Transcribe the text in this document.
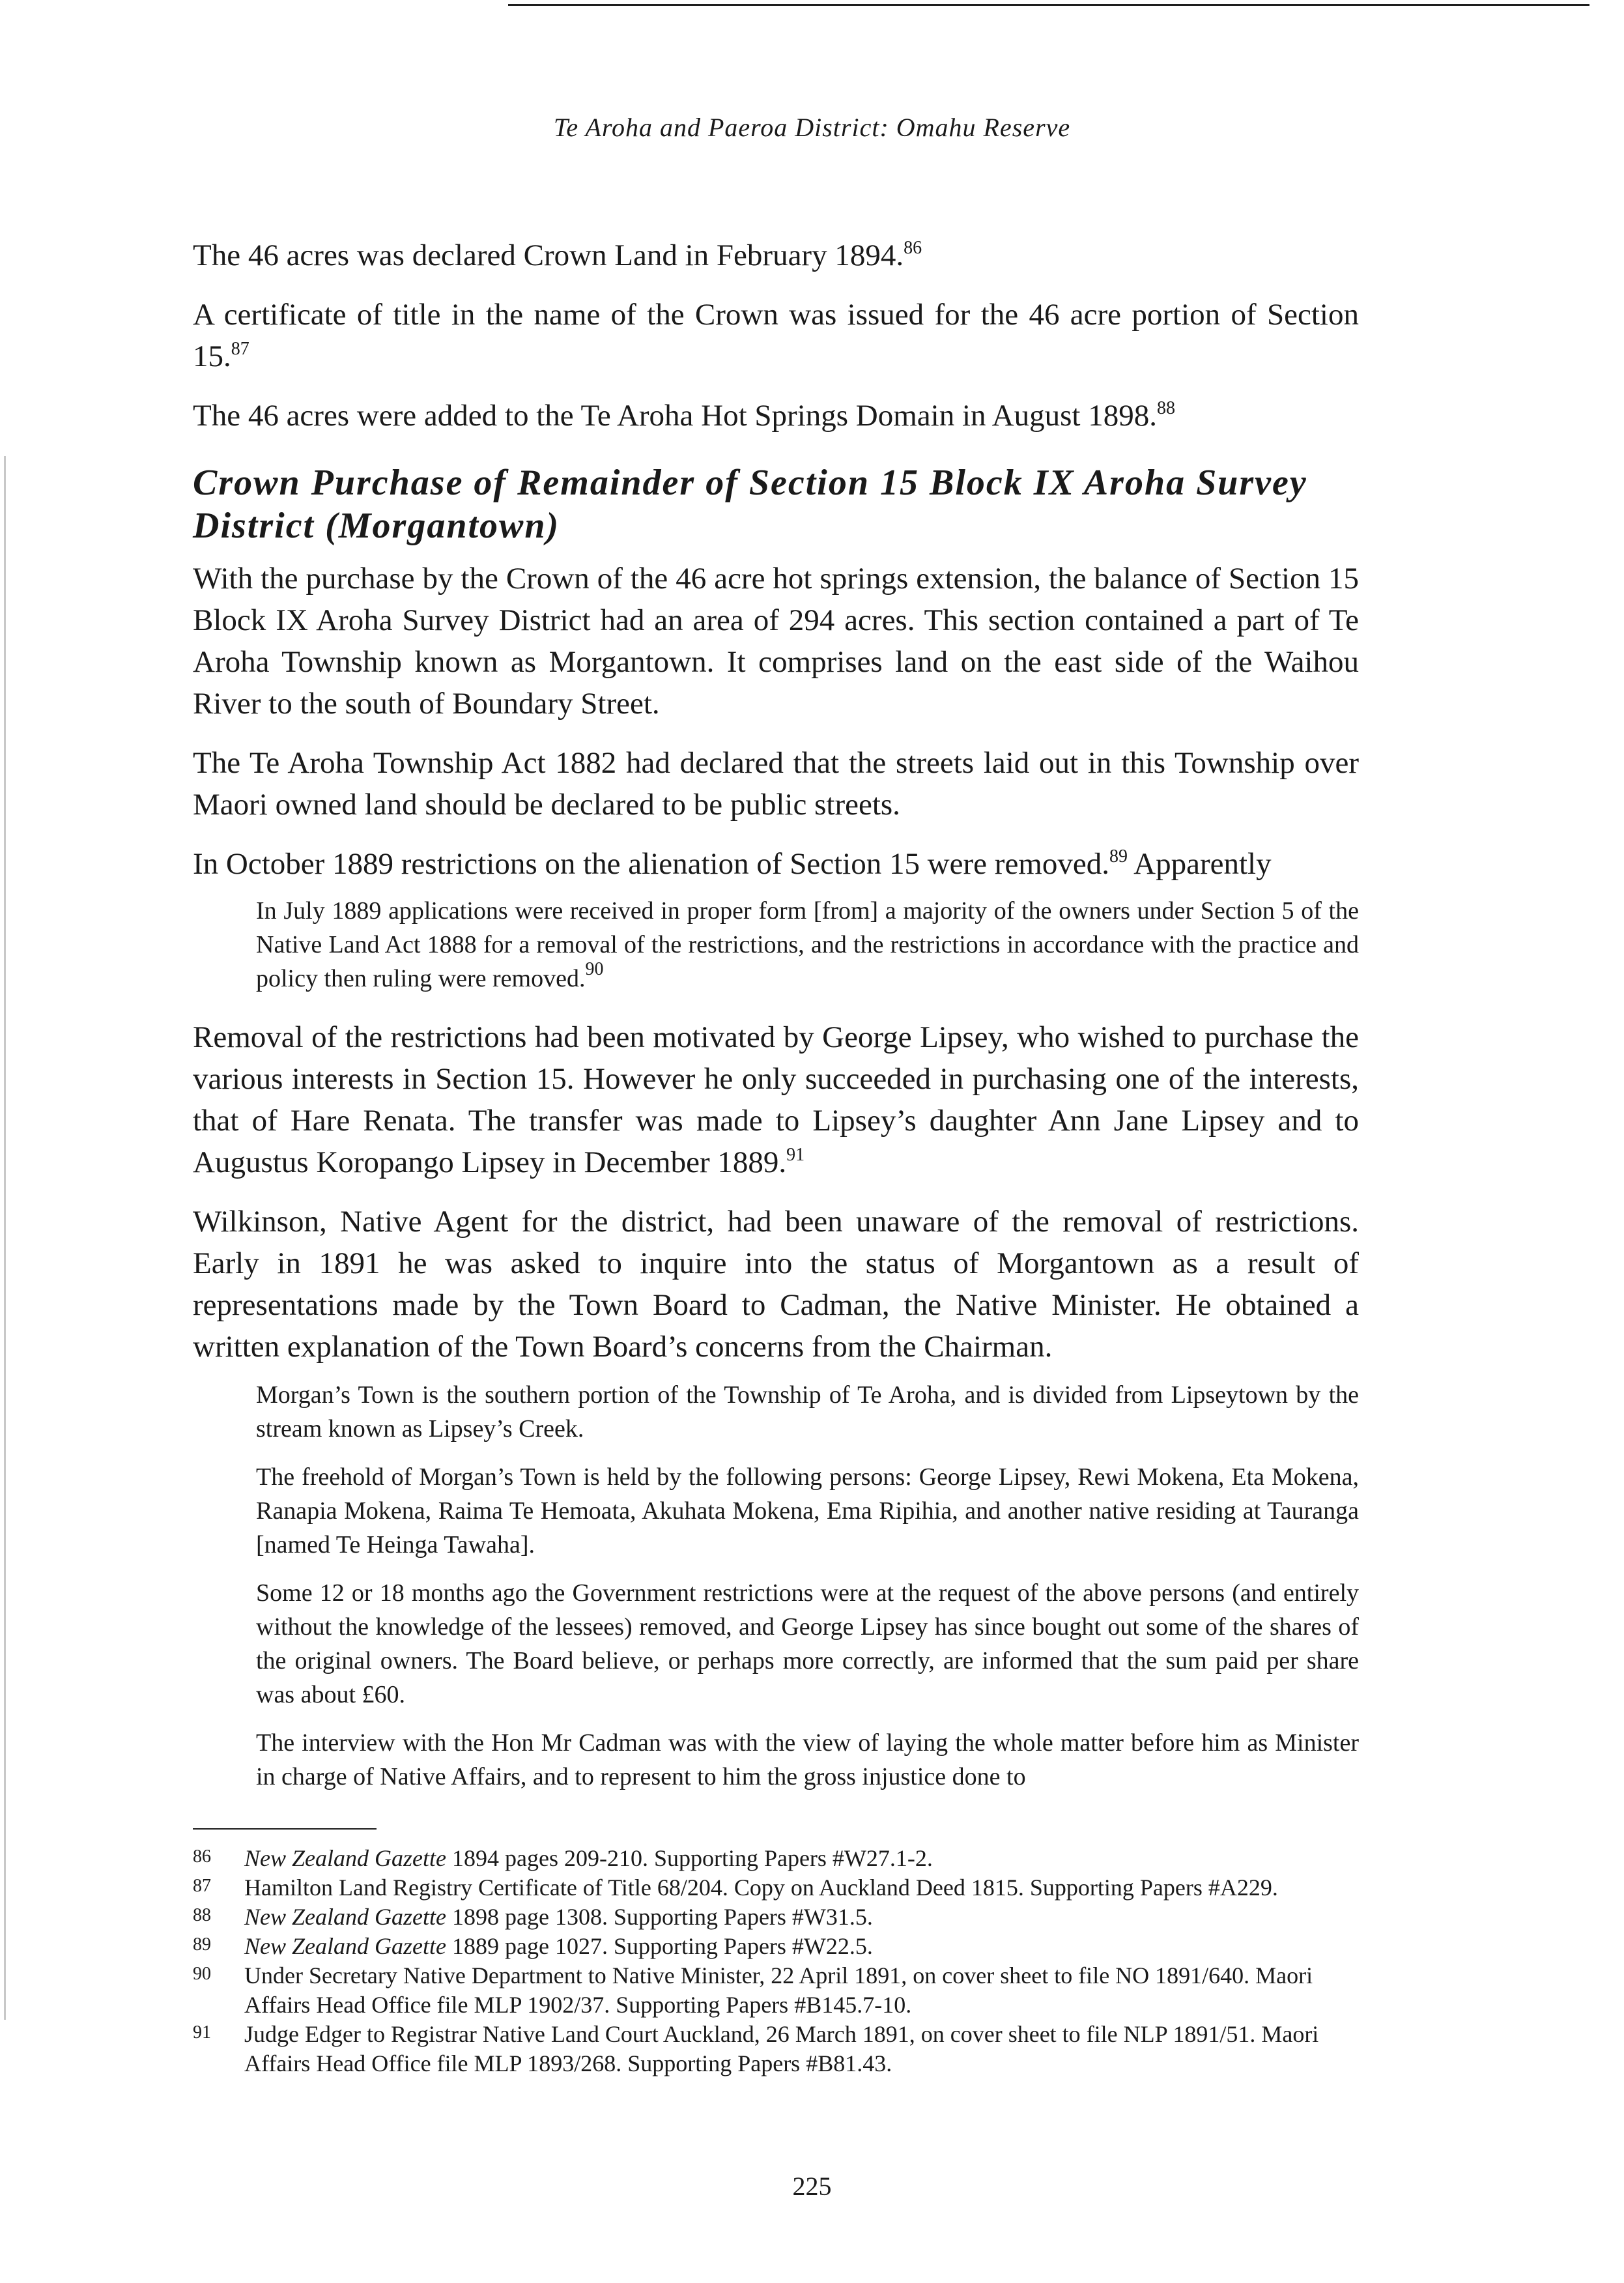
Te Aroha and Paeroa District: Omahu Reserve

The 46 acres was declared Crown Land in February 1894.86

A certificate of title in the name of the Crown was issued for the 46 acre portion of Section 15.87

The 46 acres were added to the Te Aroha Hot Springs Domain in August 1898.88

Crown Purchase of Remainder of Section 15 Block IX Aroha Survey District (Morgantown)

With the purchase by the Crown of the 46 acre hot springs extension, the balance of Section 15 Block IX Aroha Survey District had an area of 294 acres. This section contained a part of Te Aroha Township known as Morgantown. It comprises land on the east side of the Waihou River to the south of Boundary Street.

The Te Aroha Township Act 1882 had declared that the streets laid out in this Township over Maori owned land should be declared to be public streets.

In October 1889 restrictions on the alienation of Section 15 were removed.$^{89}$ Apparently

In July 1889 applications were received in proper form [from] a majority of the owners under Section 5 of the Native Land Act 1888 for a removal of the restrictions, and the restrictions in accordance with the practice and policy then ruling were removed.$^{90}$

Removal of the restrictions had been motivated by George Lipsey, who wished to purchase the various interests in Section 15. However he only succeeded in purchasing one of the interests, that of Hare Renata. The transfer was made to Lipsey’s daughter Ann Jane Lipsey and to Augustus Koropango Lipsey in December 1889.91

Wilkinson, Native Agent for the district, had been unaware of the removal of restrictions. Early in 1891 he was asked to inquire into the status of Morgantown as a result of representations made by the Town Board to Cadman, the Native Minister. He obtained a written explanation of the Town Board’s concerns from the Chairman.

Morgan’s Town is the southern portion of the Township of Te Aroha, and is divided from Lipseytown by the stream known as Lipsey’s Creek.

The freehold of Morgan’s Town is held by the following persons: George Lipsey, Rewi Mokena, Eta Mokena, Ranapia Mokena, Raima Te Hemoata, Akuhata Mokena, Ema Ripihia, and another native residing at Tauranga [named Te Heinga Tawaha].

Some 12 or 18 months ago the Government restrictions were at the request of the above persons (and entirely without the knowledge of the lessees) removed, and George Lipsey has since bought out some of the shares of the original owners. The Board believe, or perhaps more correctly, are informed that the sum paid per share was about £60.

The interview with the Hon Mr Cadman was with the view of laying the whole matter before him as Minister in charge of Native Affairs, and to represent to him the gross injustice done to

86	New Zealand Gazette 1894 pages 209-210. Supporting Papers #W27.1-2.
87	Hamilton Land Registry Certificate of Title 68/204. Copy on Auckland Deed 1815. Supporting Papers #A229.
88	New Zealand Gazette 1898 page 1308. Supporting Papers #W31.5.
89	New Zealand Gazette 1889 page 1027. Supporting Papers #W22.5.
90	Under Secretary Native Department to Native Minister, 22 April 1891, on cover sheet to file NO 1891/640. Maori Affairs Head Office file MLP 1902/37. Supporting Papers #B145.7-10.
91	Judge Edger to Registrar Native Land Court Auckland, 26 March 1891, on cover sheet to file NLP 1891/51. Maori Affairs Head Office file MLP 1893/268. Supporting Papers #B81.43.
225
